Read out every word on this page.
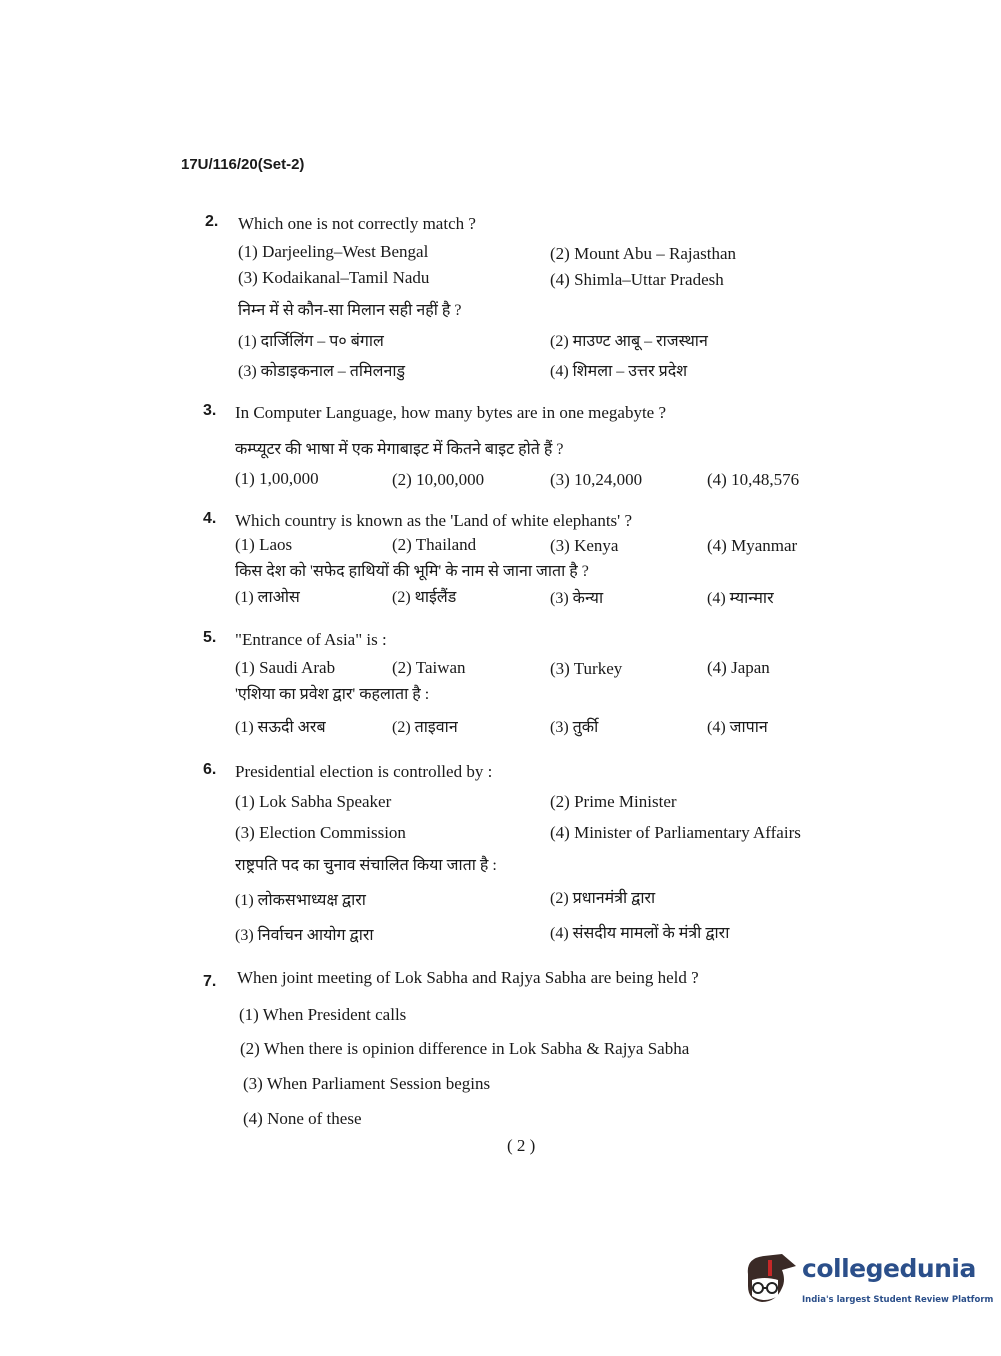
17U/116/20(Set-2)
2. Which one is not correctly match ?
(1) Darjeeling–West Bengal	(2) Mount Abu – Rajasthan
(3) Kodaikanal–Tamil Nadu	(4) Shimla–Uttar Pradesh
निम्न में से कौन-सा मिलान सही नहीं है ?
(1) दार्जिलिंग – प० बंगाल	(2) माउण्ट आबू – राजस्थान
(3) कोडाइकनाल – तमिलनाडु	(4) शिमला – उत्तर प्रदेश
3. In Computer Language, how many bytes are in one megabyte ?
कम्प्यूटर की भाषा में एक मेगाबाइट में कितने बाइट होते हैं ?
(1) 1,00,000	(2) 10,00,000	(3) 10,24,000	(4) 10,48,576
4. Which country is known as the 'Land of white elephants' ?
(1) Laos	(2) Thailand	(3) Kenya	(4) Myanmar
किस देश को 'सफेद हाथियों की भूमि' के नाम से जाना जाता है ?
(1) लाओस	(2) थाईलैंड	(3) केन्या	(4) म्यान्मार
5. "Entrance of Asia" is :
(1) Saudi Arab	(2) Taiwan	(3) Turkey	(4) Japan
'एशिया का प्रवेश द्वार' कहलाता है :
(1) सऊदी अरब	(2) ताइवान	(3) तुर्की	(4) जापान
6. Presidential election is controlled by :
(1) Lok Sabha Speaker	(2) Prime Minister
(3) Election Commission	(4) Minister of Parliamentary Affairs
राष्ट्रपति पद का चुनाव संचालित किया जाता है :
(1) लोकसभाध्यक्ष द्वारा	(2) प्रधानमंत्री द्वारा
(3) निर्वाचन आयोग द्वारा	(4) संसदीय मामलों के मंत्री द्वारा
7. When joint meeting of Lok Sabha and Rajya Sabha are being held ?
(1) When President calls
(2) When there is opinion difference in Lok Sabha & Rajya Sabha
(3) When Parliament Session begins
(4) None of these
( 2 )
collegedunia
India's largest Student Review Platform
